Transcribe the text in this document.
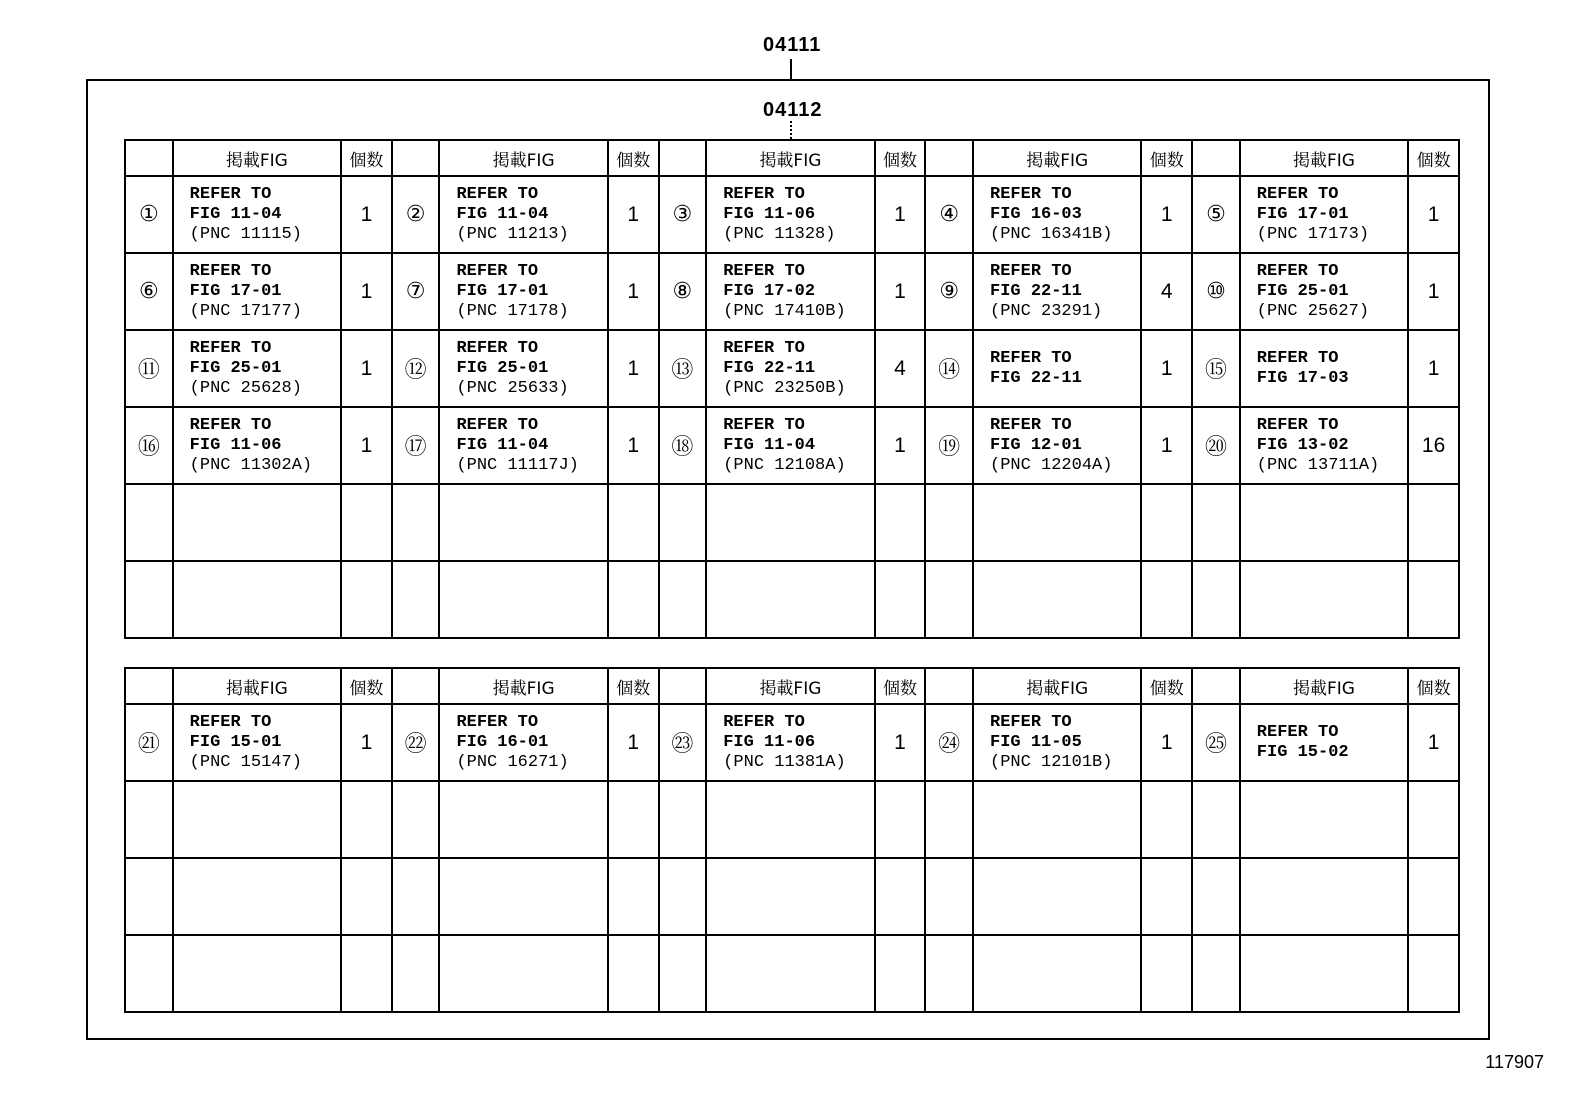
04111
04112
	掲載FIG	個数		掲載FIG	個数		掲載FIG	個数		掲載FIG	個数		掲載FIG	個数
①	REFER TO
FIG 11-04
(PNC 11115)	1	②	REFER TO
FIG 11-04
(PNC 11213)	1	③	REFER TO
FIG 11-06
(PNC 11328)	1	④	REFER TO
FIG 16-03
(PNC 16341B)	1	⑤	REFER TO
FIG 17-01
(PNC 17173)	1
⑥	REFER TO
FIG 17-01
(PNC 17177)	1	⑦	REFER TO
FIG 17-01
(PNC 17178)	1	⑧	REFER TO
FIG 17-02
(PNC 17410B)	1	⑨	REFER TO
FIG 22-11
(PNC 23291)	4	⑩	REFER TO
FIG 25-01
(PNC 25627)	1
⑪	REFER TO
FIG 25-01
(PNC 25628)	1	⑫	REFER TO
FIG 25-01
(PNC 25633)	1	⑬	REFER TO
FIG 22-11
(PNC 23250B)	4	⑭	REFER TO
FIG 22-11	1	⑮	REFER TO
FIG 17-03	1
⑯	REFER TO
FIG 11-06
(PNC 11302A)	1	⑰	REFER TO
FIG 11-04
(PNC 11117J)	1	⑱	REFER TO
FIG 11-04
(PNC 12108A)	1	⑲	REFER TO
FIG 12-01
(PNC 12204A)	1	⑳	REFER TO
FIG 13-02
(PNC 13711A)	16

	掲載FIG	個数		掲載FIG	個数		掲載FIG	個数		掲載FIG	個数		掲載FIG	個数
㉑	REFER TO
FIG 15-01
(PNC 15147)	1	㉒	REFER TO
FIG 16-01
(PNC 16271)	1	㉓	REFER TO
FIG 11-06
(PNC 11381A)	1	㉔	REFER TO
FIG 11-05
(PNC 12101B)	1	㉕	REFER TO
FIG 15-02	1

117907
